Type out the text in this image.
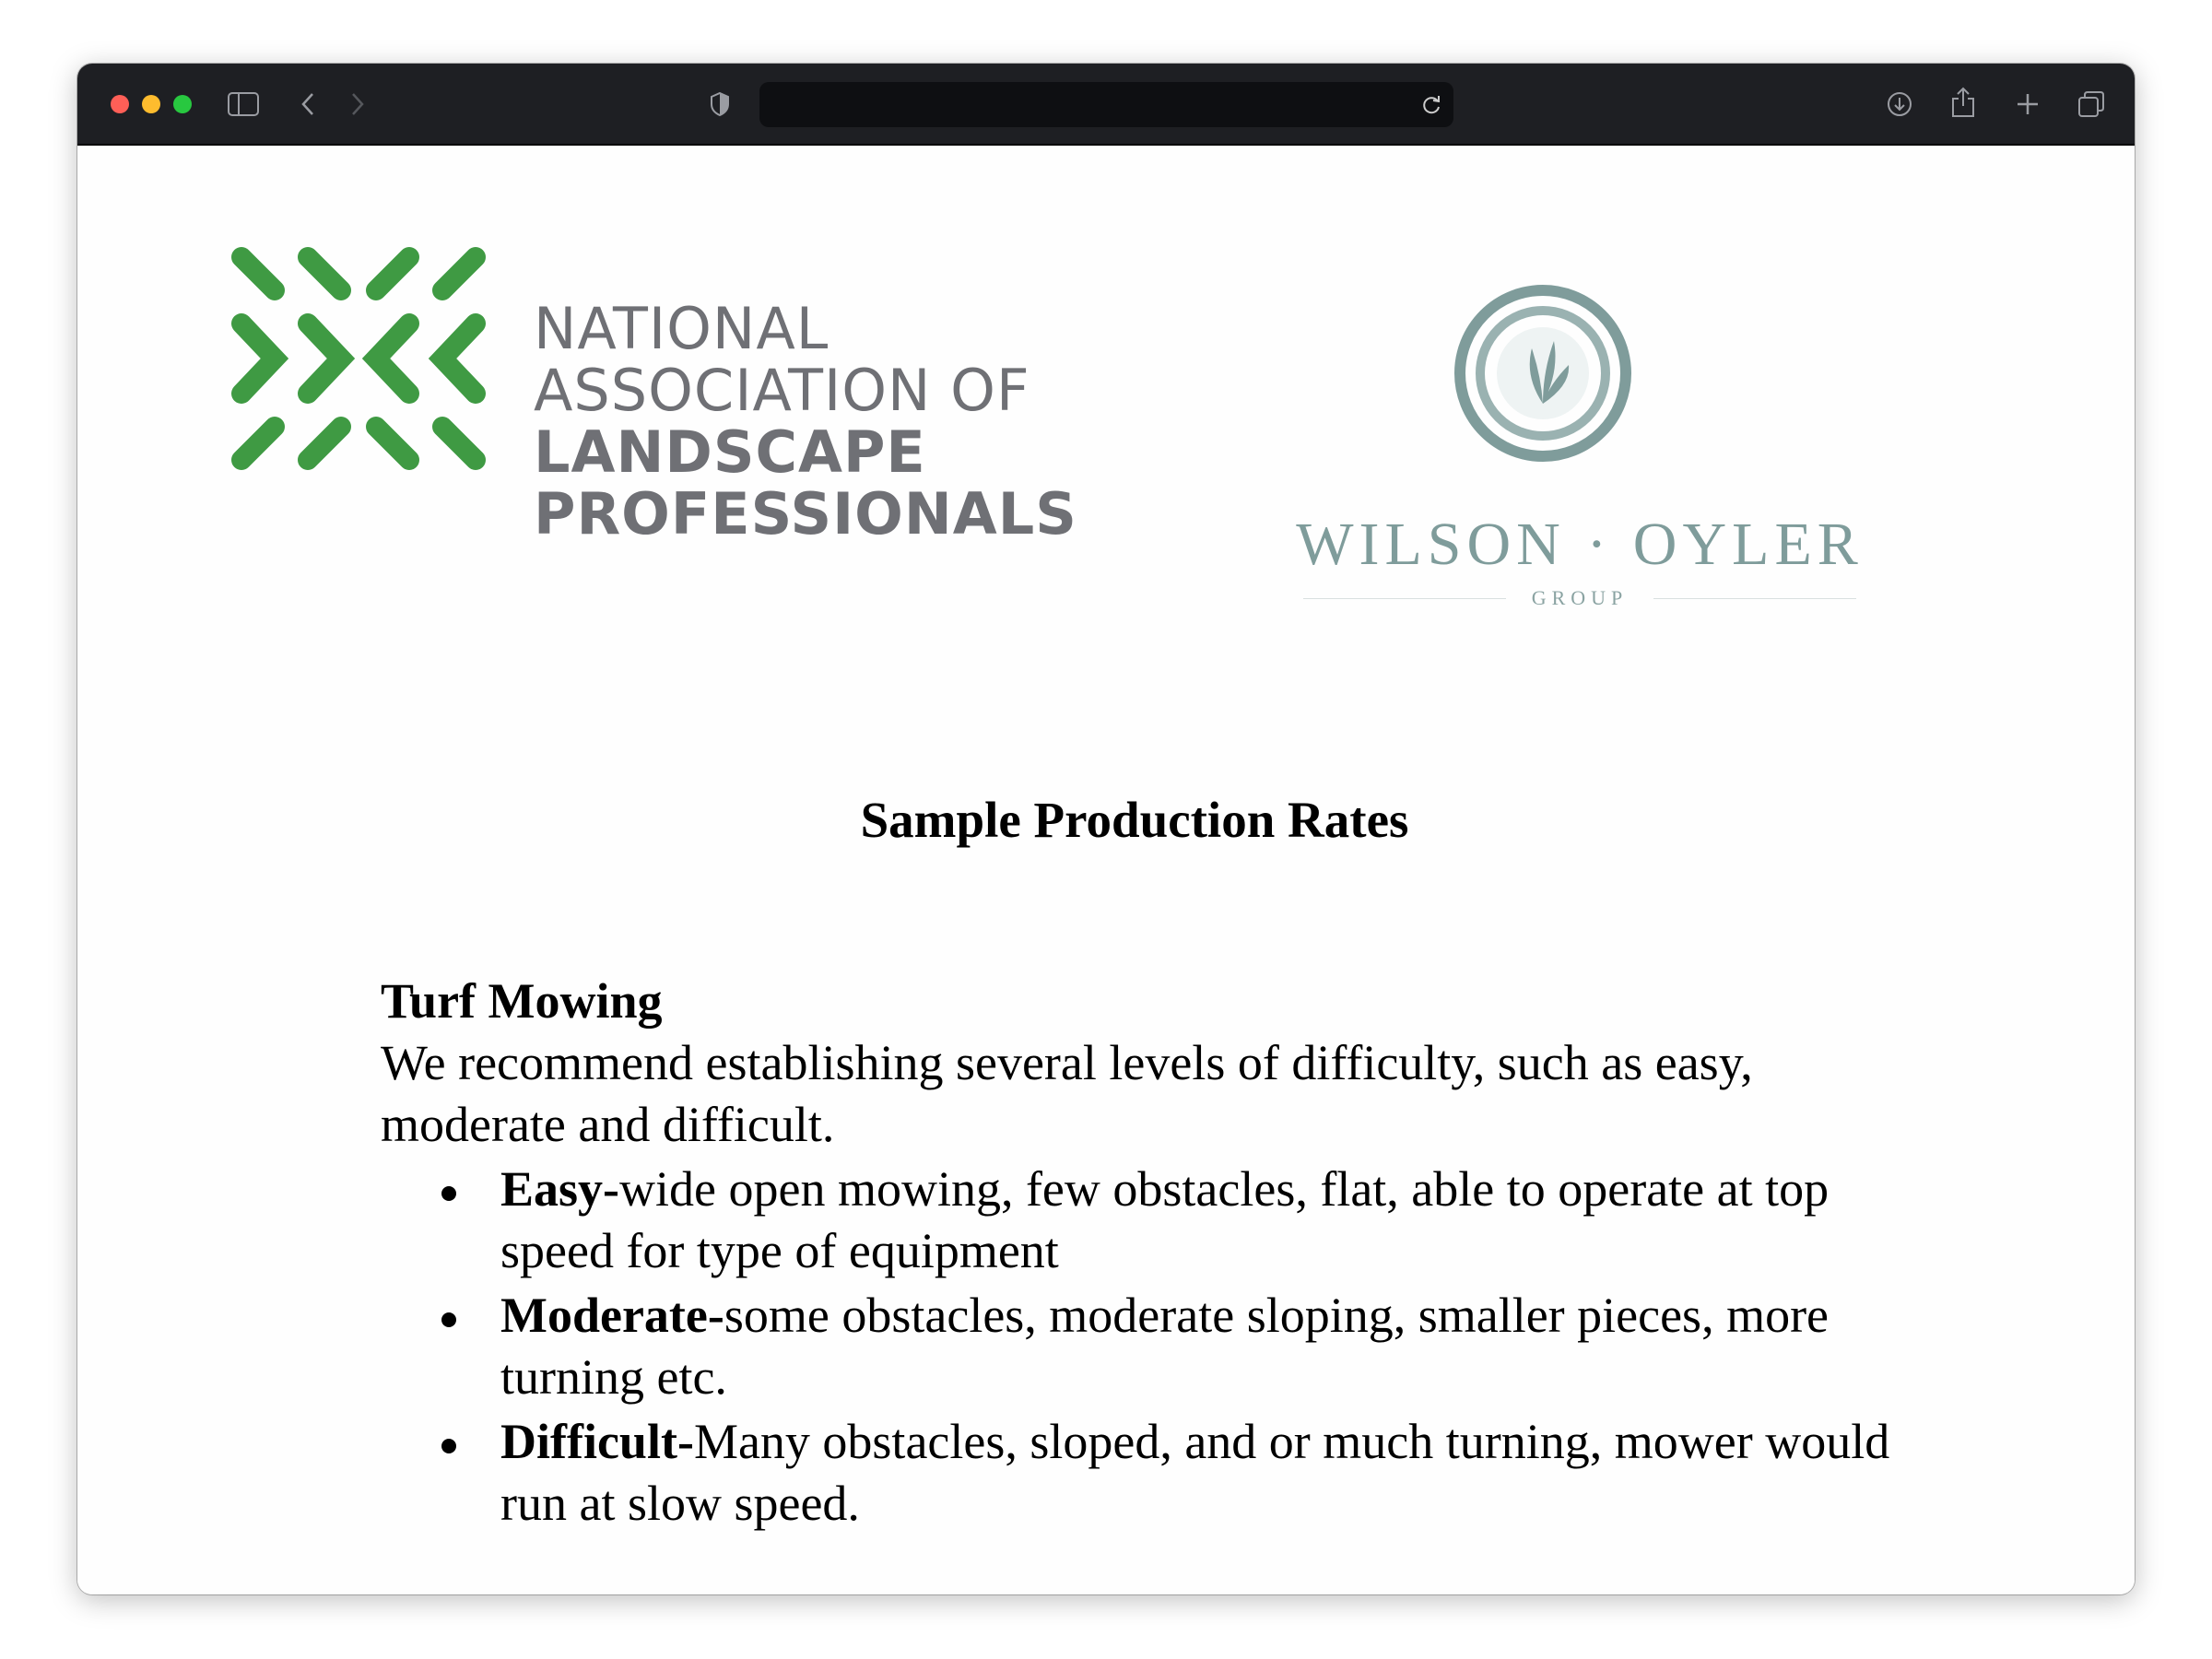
NATIONAL
ASSOCIATION OF
LANDSCAPE
PROFESSIONALS	WILSON · OYLER
GROUP
Sample Production Rates
Turf Mowing
We recommend establishing several levels of difficulty, such as easy, moderate and difficult.
Easy-wide open mowing, few obstacles, flat, able to operate at top speed for type of equipment
Moderate-some obstacles, moderate sloping, smaller pieces, more turning etc.
Difficult-Many obstacles, sloped, and or much turning, mower would run at slow speed.
